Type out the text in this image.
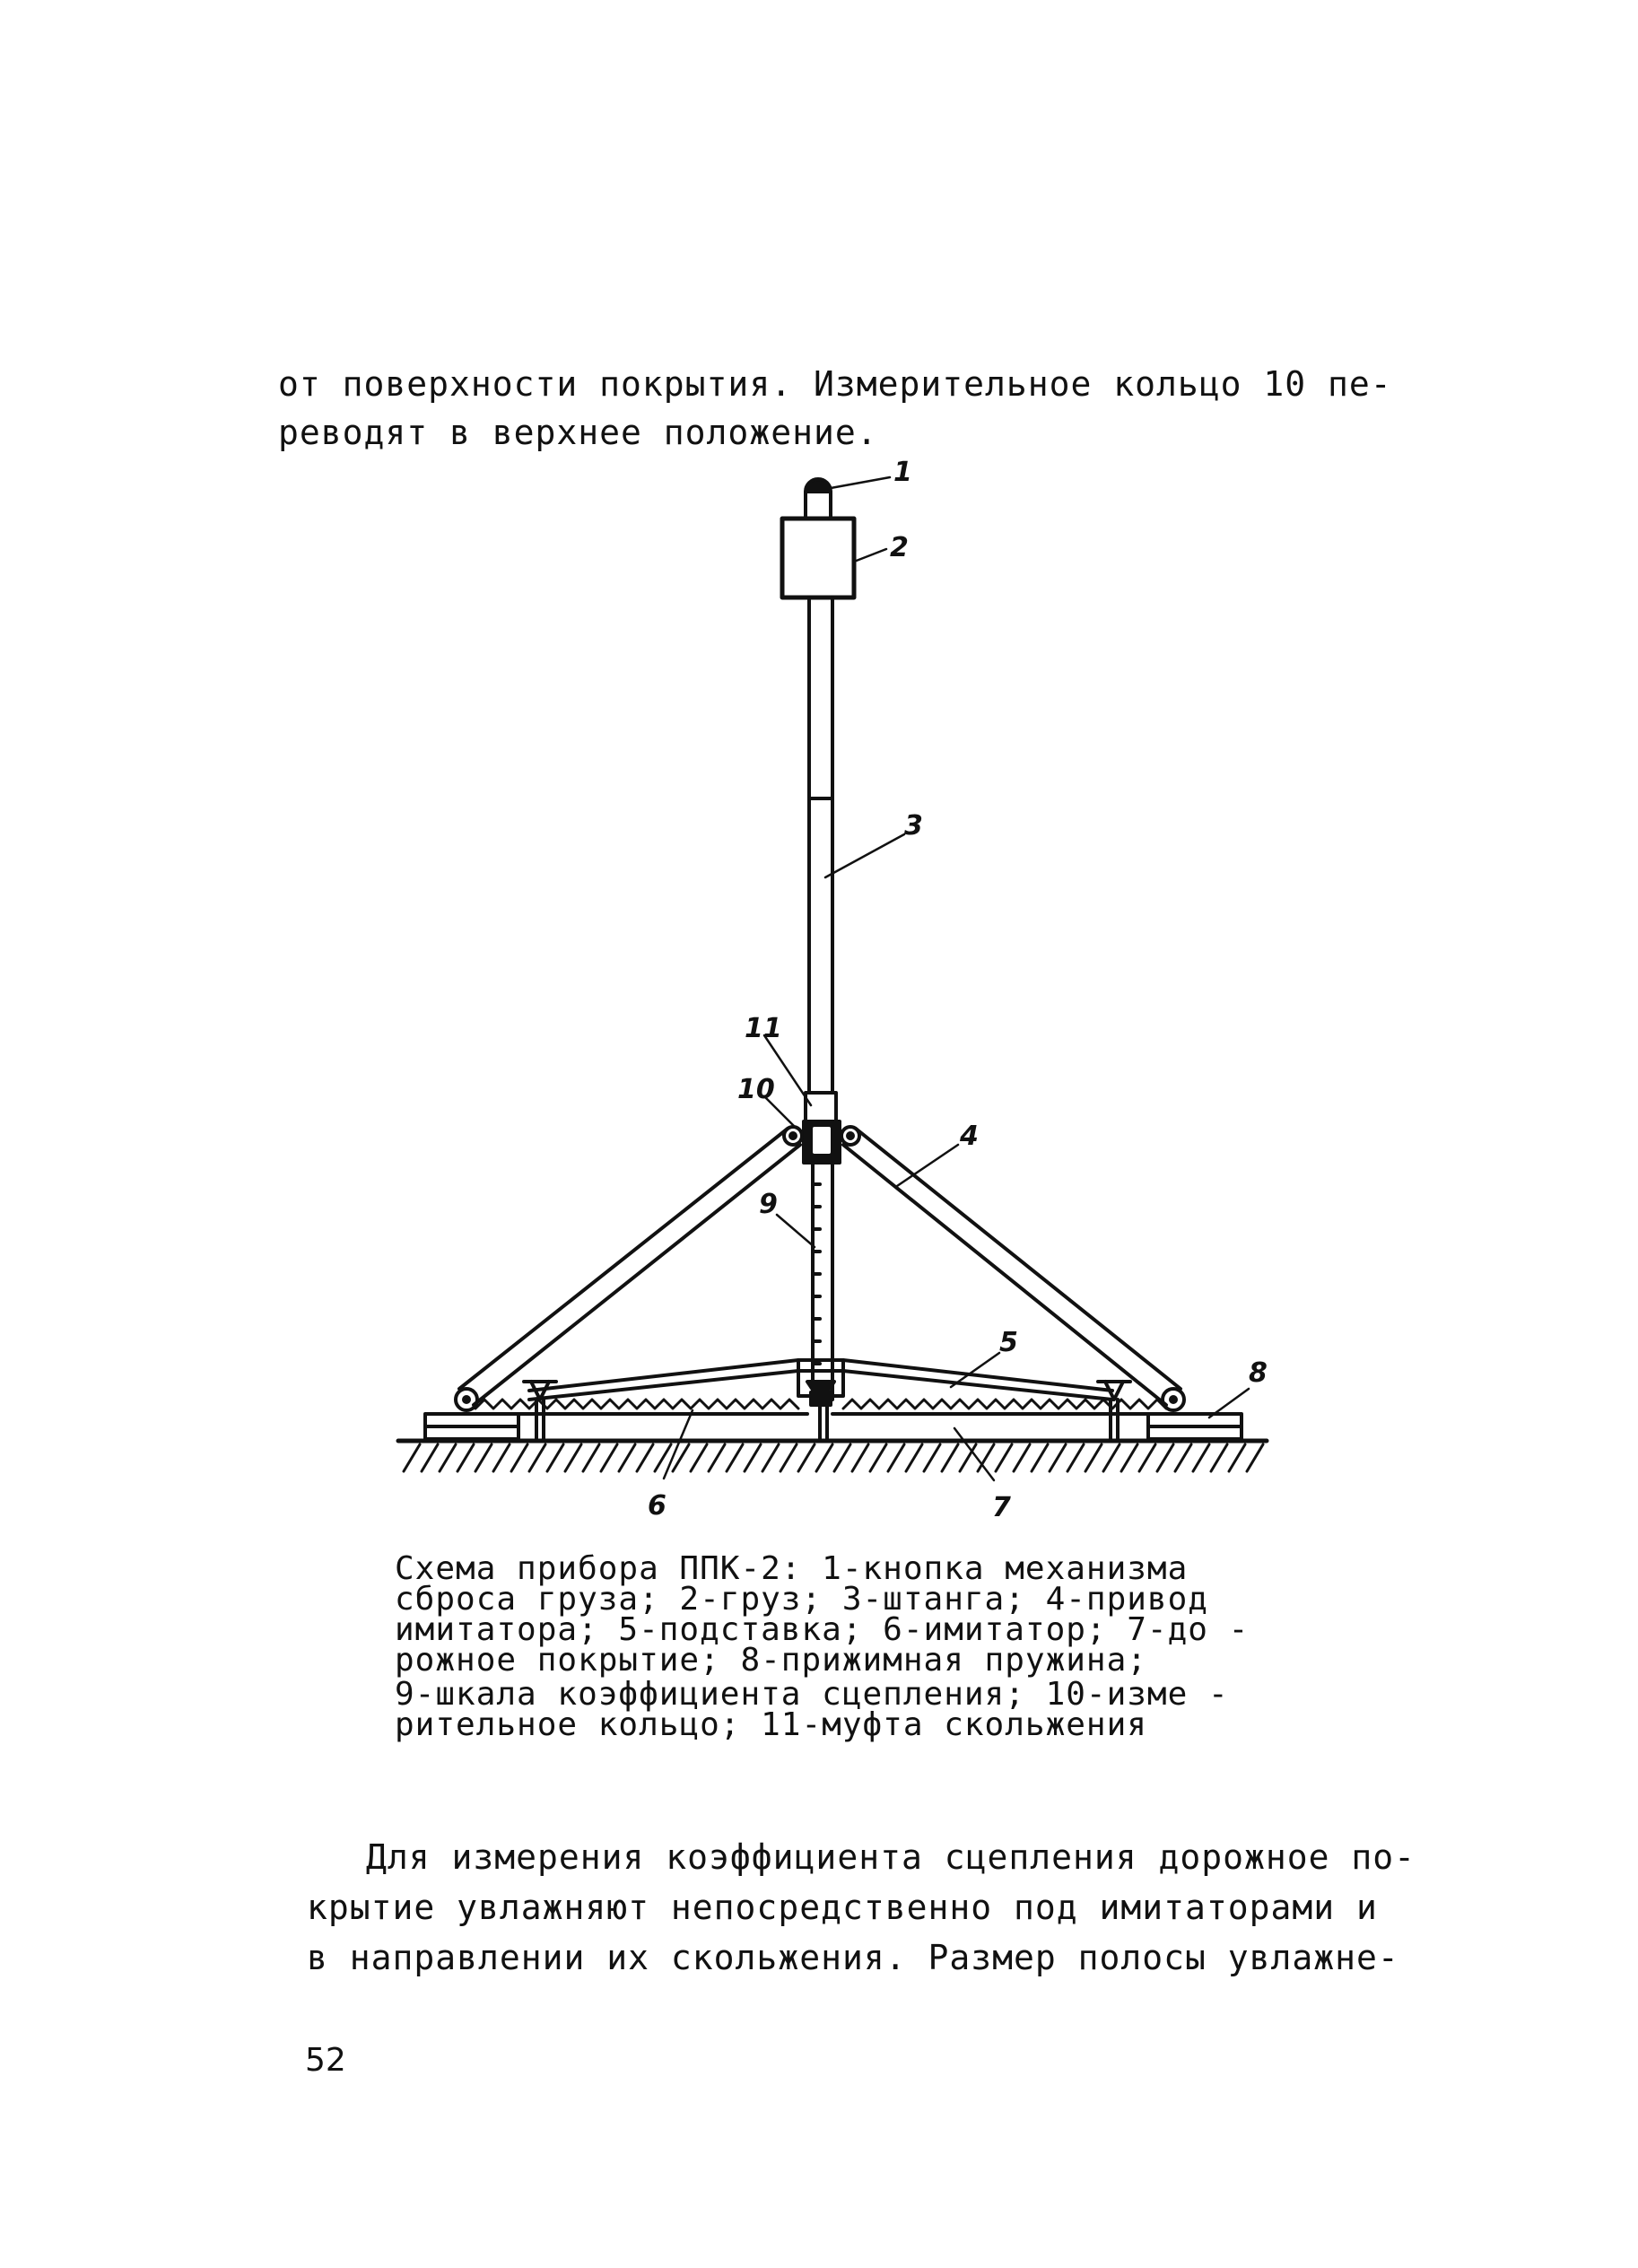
от поверхности покрытия. Измерительное кольцо 10 пе-
реводят в верхнее положение.
1
2
3
4
5
6	7
8
9
10
11
Схема прибора ППК-2: 1-кнопка механизма
сброса груза; 2-груз; 3-штанга; 4-привод
имитатора; 5-подставка; 6-имитатор; 7-до -
рожное покрытие; 8-прижимная пружина;
9-шкала коэффициента сцепления; 10-изме -
рительное кольцо; 11-муфта скольжения
Для измерения коэффициента сцепления дорожное по-
крытие увлажняют непосредственно под имитаторами и
в направлении их скольжения. Размер полосы увлажне-
52
